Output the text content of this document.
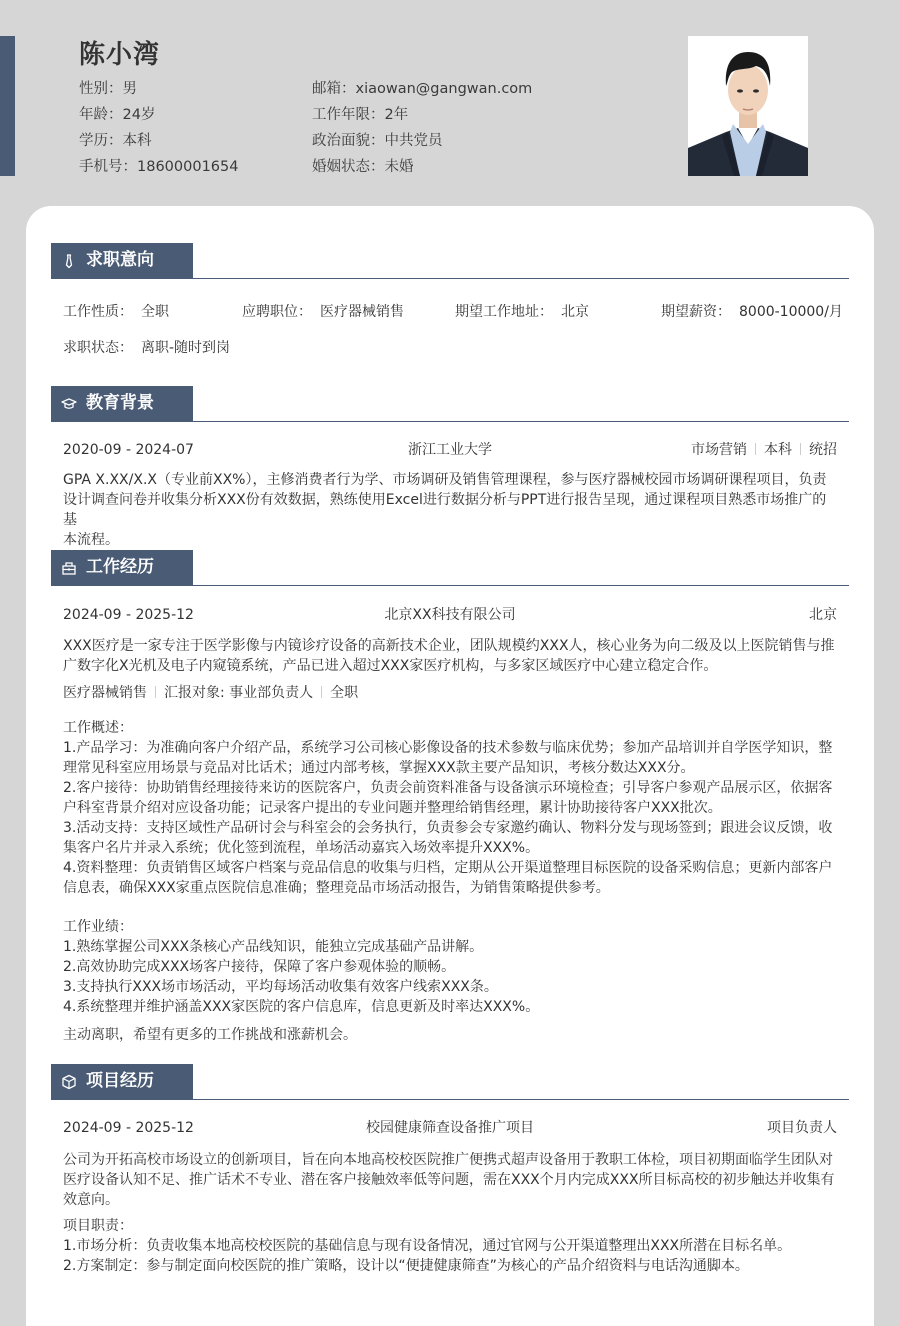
陈小湾
性别：男	邮箱：xiaowan@gangwan.com
年龄：24岁	工作年限：2年
学历：本科	政治面貌：中共党员
手机号：18600001654	婚姻状态：未婚
求职意向
工作性质： 全职	应聘职位： 医疗器械销售	期望工作地址： 北京	期望薪资： 8000-10000/月
求职状态： 离职-随时到岗
教育背景
2020-09 - 2024-07	浙江工业大学	市场营销 本科 统招
GPA X.XX/X.X（专业前XX%），主修消费者行为学、市场调研及销售管理课程，参与医疗器械校园市场调研课程项目，负责
设计调查问卷并收集分析XXX份有效数据，熟练使用Excel进行数据分析与PPT进行报告呈现，通过课程项目熟悉市场推广的基
本流程。
工作经历
2024-09 - 2025-12	北京XX科技有限公司	北京
XXX医疗是一家专注于医学影像与内镜诊疗设备的高新技术企业，团队规模约XXX人，核心业务为向二级及以上医院销售与推
广数字化X光机及电子内窥镜系统，产品已进入超过XXX家医疗机构，与多家区域医疗中心建立稳定合作。
医疗器械销售 汇报对象: 事业部负责人 全职
工作概述：
1.产品学习：为准确向客户介绍产品，系统学习公司核心影像设备的技术参数与临床优势；参加产品培训并自学医学知识，整
理常见科室应用场景与竞品对比话术；通过内部考核，掌握XXX款主要产品知识，考核分数达XXX分。
2.客户接待：协助销售经理接待来访的医院客户，负责会前资料准备与设备演示环境检查；引导客户参观产品展示区，依据客
户科室背景介绍对应设备功能；记录客户提出的专业问题并整理给销售经理，累计协助接待客户XXX批次。
3.活动支持：支持区域性产品研讨会与科室会的会务执行，负责参会专家邀约确认、物料分发与现场签到；跟进会议反馈，收
集客户名片并录入系统；优化签到流程，单场活动嘉宾入场效率提升XXX%。
4.资料整理：负责销售区域客户档案与竞品信息的收集与归档，定期从公开渠道整理目标医院的设备采购信息；更新内部客户
信息表，确保XXX家重点医院信息准确；整理竞品市场活动报告，为销售策略提供参考。
工作业绩：
1.熟练掌握公司XXX条核心产品线知识，能独立完成基础产品讲解。
2.高效协助完成XXX场客户接待，保障了客户参观体验的顺畅。
3.支持执行XXX场市场活动，平均每场活动收集有效客户线索XXX条。
4.系统整理并维护涵盖XXX家医院的客户信息库，信息更新及时率达XXX%。
主动离职，希望有更多的工作挑战和涨薪机会。
项目经历
2024-09 - 2025-12	校园健康筛查设备推广项目	项目负责人
公司为开拓高校市场设立的创新项目，旨在向本地高校校医院推广便携式超声设备用于教职工体检，项目初期面临学生团队对
医疗设备认知不足、推广话术不专业、潜在客户接触效率低等问题，需在XXX个月内完成XXX所目标高校的初步触达并收集有
效意向。
项目职责：
1.市场分析：负责收集本地高校校医院的基础信息与现有设备情况，通过官网与公开渠道整理出XXX所潜在目标名单。
2.方案制定：参与制定面向校医院的推广策略，设计以“便捷健康筛查”为核心的产品介绍资料与电话沟通脚本。
